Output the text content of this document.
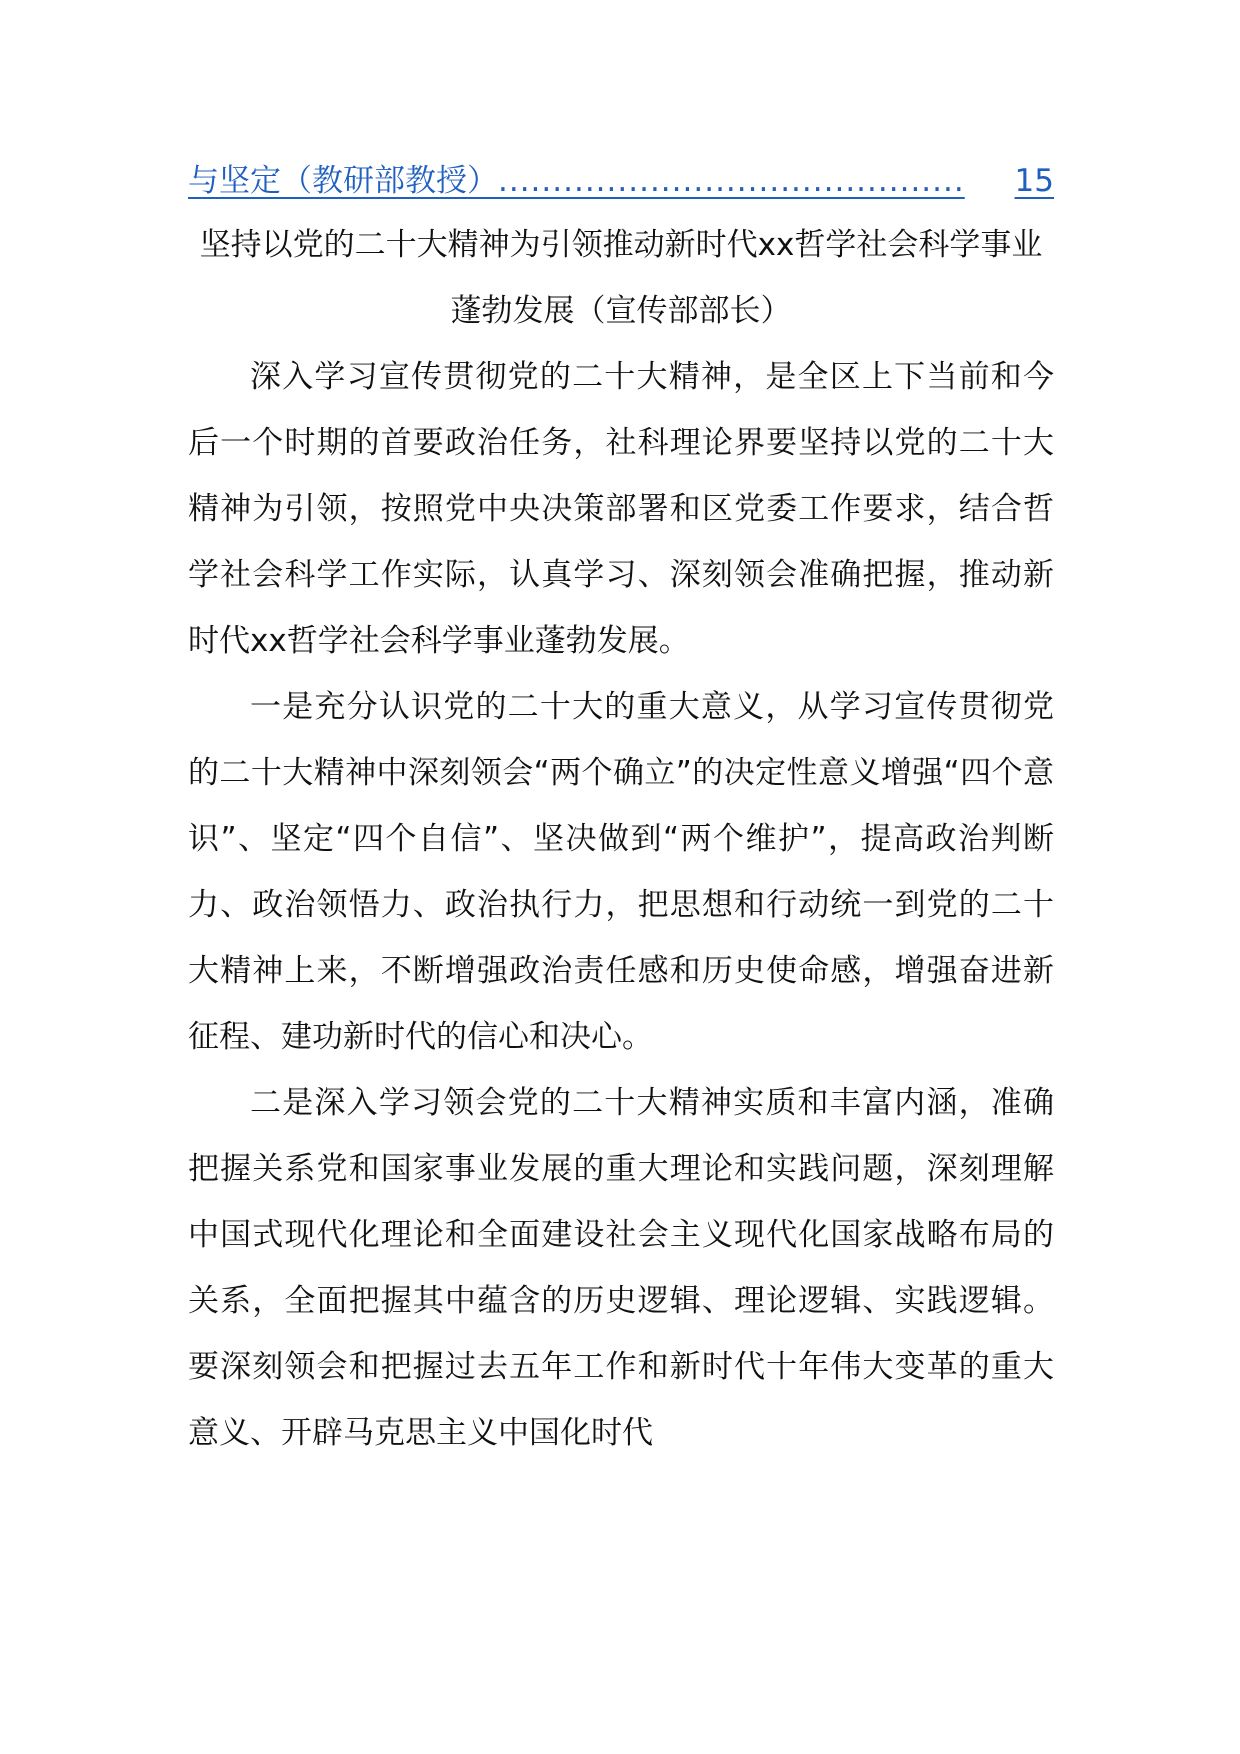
与坚定（教研部教授） ...........................................	15
坚持以党的二十大精神为引领推动新时代xx哲学社会科学事业蓬勃发展（宣传部部长）

深入学习宣传贯彻党的二十大精神，是全区上下当前和今后一个时期的首要政治任务，社科理论界要坚持以党的二十大精神为引领，按照党中央决策部署和区党委工作要求，结合哲学社会科学工作实际，认真学习、深刻领会准确把握，推动新时代xx哲学社会科学事业蓬勃发展。

一是充分认识党的二十大的重大意义，从学习宣传贯彻党的二十大精神中深刻领会“两个确立”的决定性意义增强“四个意识”、坚定“四个自信”、坚决做到“两个维护”，提高政治判断力、政治领悟力、政治执行力，把思想和行动统一到党的二十大精神上来，不断增强政治责任感和历史使命感，增强奋进新征程、建功新时代的信心和决心。

二是深入学习领会党的二十大精神实质和丰富内涵，准确把握关系党和国家事业发展的重大理论和实践问题，深刻理解中国式现代化理论和全面建设社会主义现代化国家战略布局的关系，全面把握其中蕴含的历史逻辑、理论逻辑、实践逻辑。要深刻领会和把握过去五年工作和新时代十年伟大变革的重大意义、开辟马克思主义中国化时代
